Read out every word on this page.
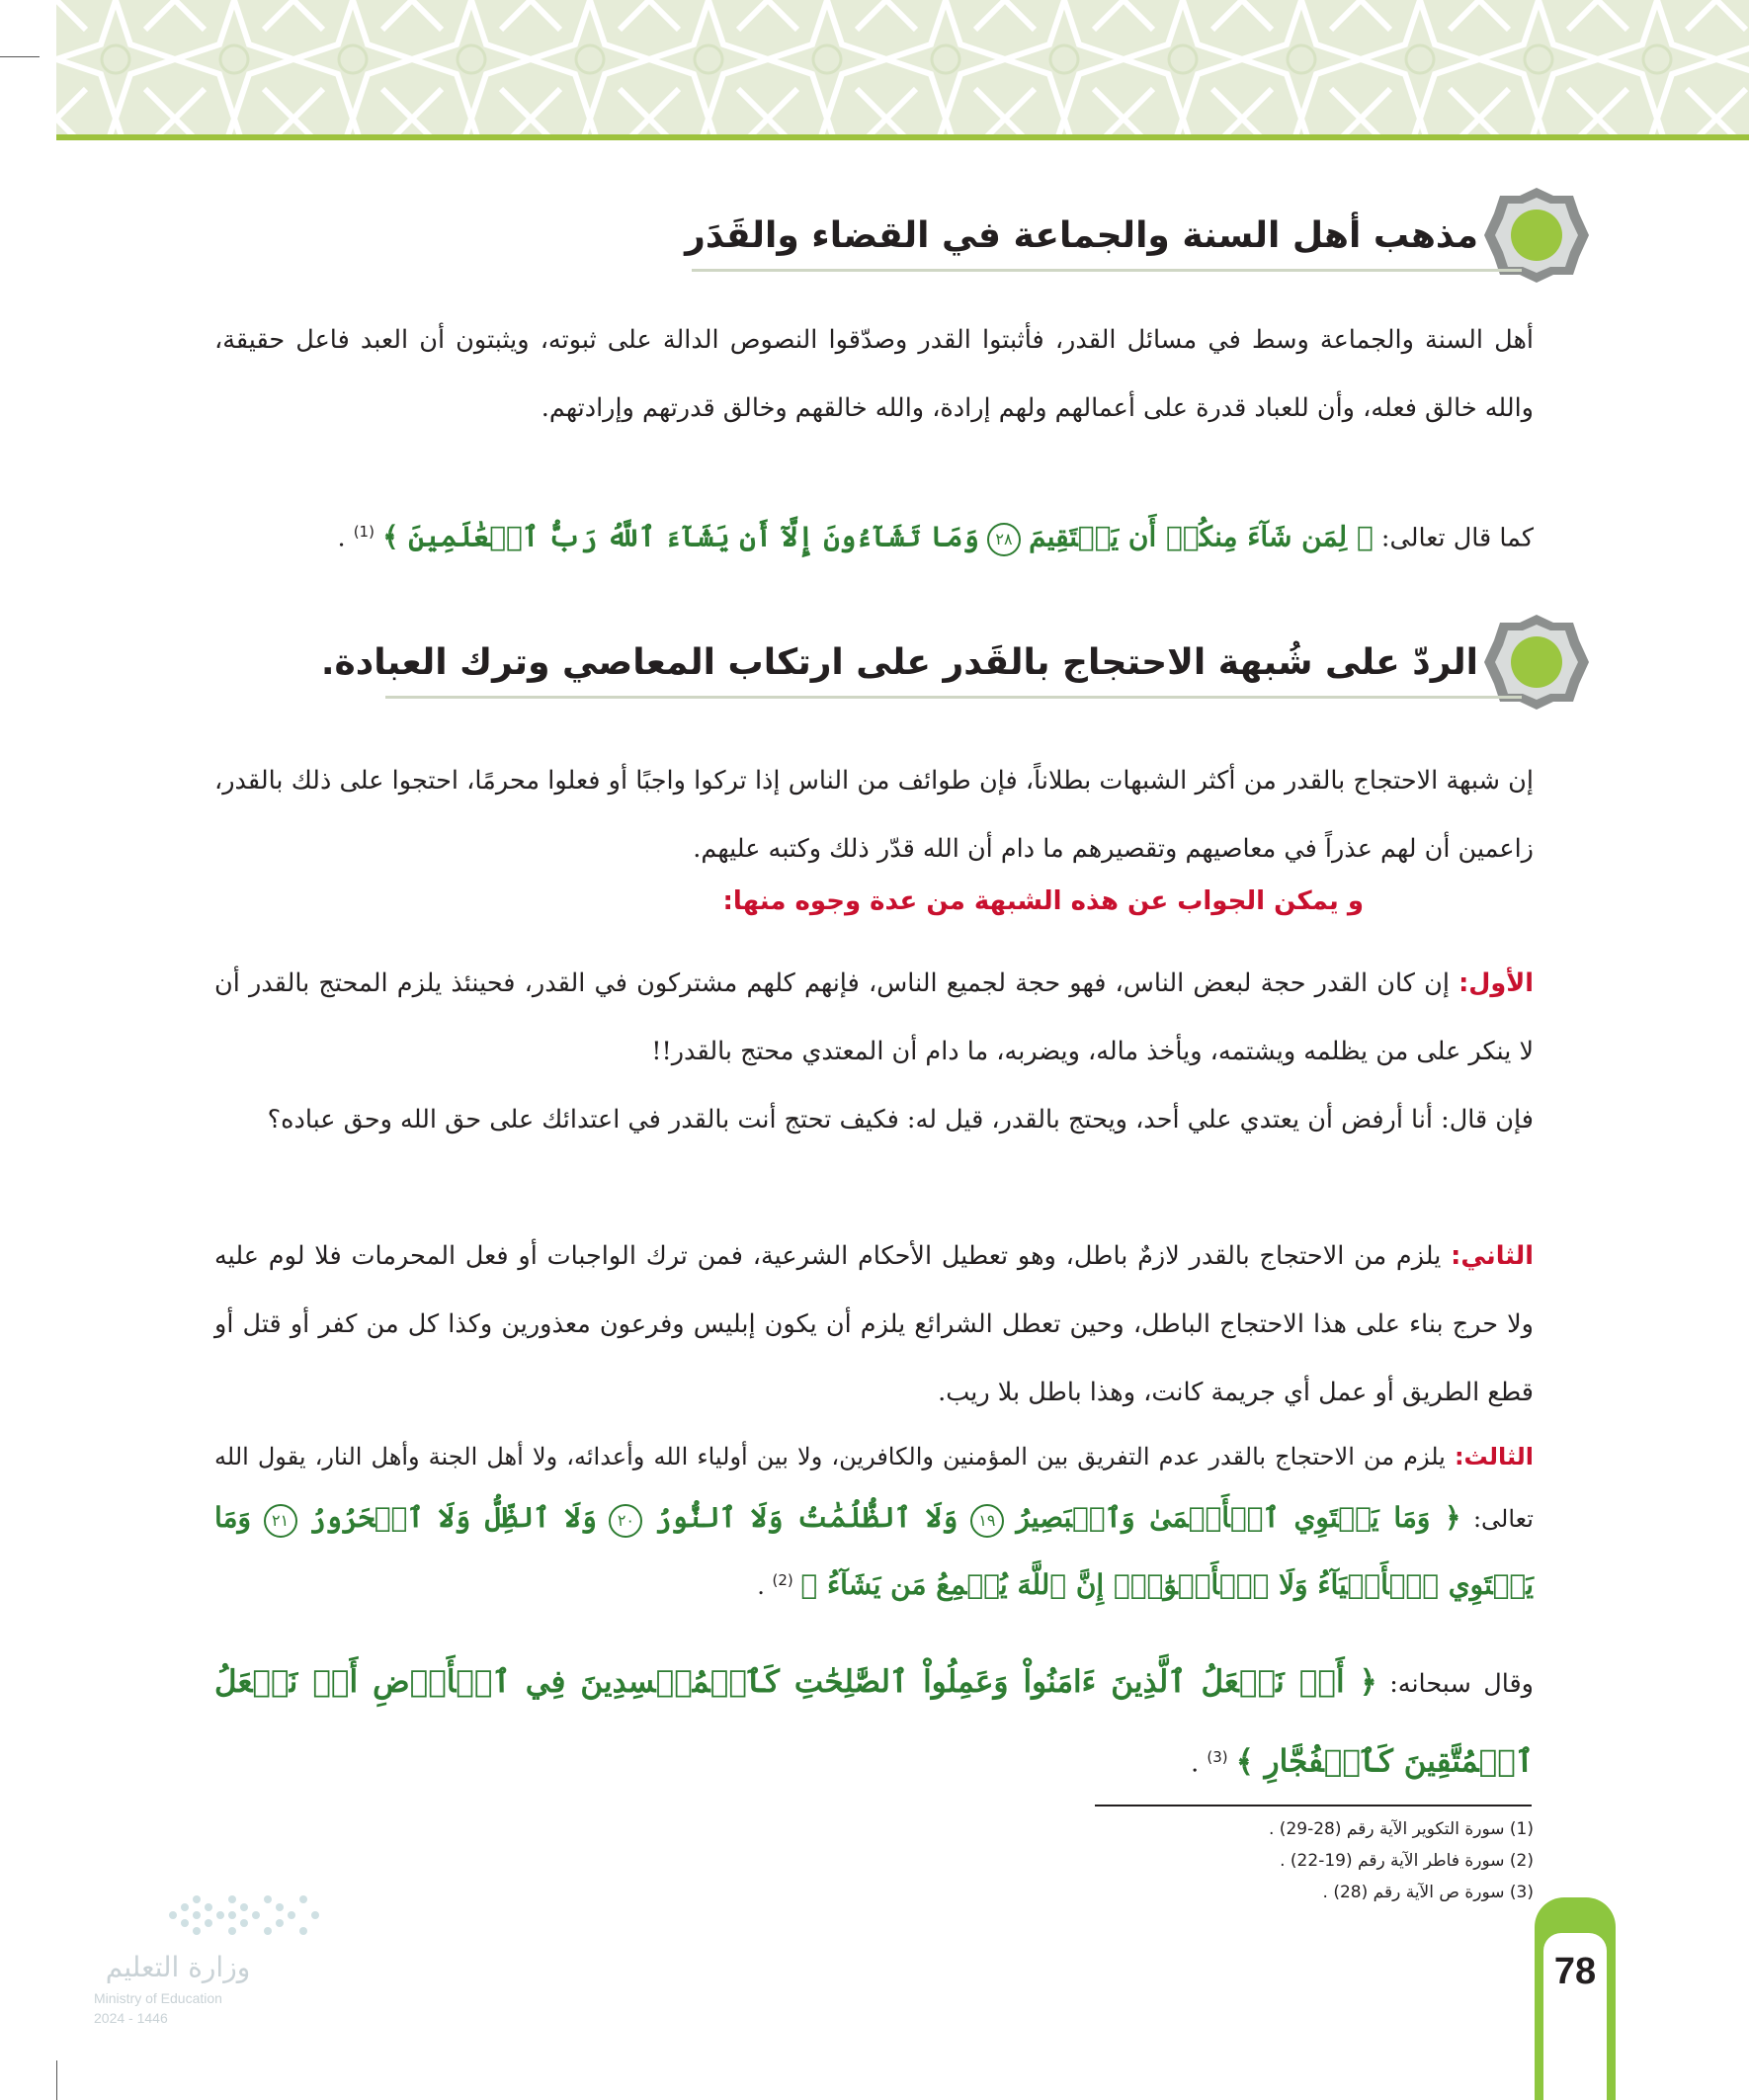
مذهب أهل السنة والجماعة في القضاء والقَدَر
أهل السنة والجماعة وسط في مسائل القدر، فأثبتوا القدر وصدّقوا النصوص الدالة على ثبوته، ويثبتون أن العبد فاعل حقيقة، والله خالق فعله، وأن للعباد قدرة على أعمالهم ولهم إرادة، والله خالقهم وخالق قدرتهم وإرادتهم.
كما قال تعالى: ﴿ لِمَن شَآءَ مِنكُمۡ أَن يَسۡتَقِيمَ ٢٨ وَمَا تَشَآءُونَ إِلَّآ أَن يَشَآءَ ٱللَّهُ رَبُّ ٱلۡعَٰلَمِينَ ﴾ $^{(1)}$ .
الردّ على شُبهة الاحتجاج بالقَدر على ارتكاب المعاصي وترك العبادة.
إن شبهة الاحتجاج بالقدر من أكثر الشبهات بطلاناً، فإن طوائف من الناس إذا تركوا واجبًا أو فعلوا محرمًا، احتجوا على ذلك بالقدر، زاعمين أن لهم عذراً في معاصيهم وتقصيرهم ما دام أن الله قدّر ذلك وكتبه عليهم.
و يمكن الجواب عن هذه الشبهة من عدة وجوه منها:
الأول: إن كان القدر حجة لبعض الناس، فهو حجة لجميع الناس، فإنهم كلهم مشتركون في القدر، فحينئذ يلزم المحتج بالقدر أن لا ينكر على من يظلمه ويشتمه، ويأخذ ماله، ويضربه، ما دام أن المعتدي محتج بالقدر!!
فإن قال: أنا أرفض أن يعتدي علي أحد، ويحتج بالقدر، قيل له: فكيف تحتج أنت بالقدر في اعتدائك على حق الله وحق عباده؟
الثاني: يلزم من الاحتجاج بالقدر لازمٌ باطل، وهو تعطيل الأحكام الشرعية، فمن ترك الواجبات أو فعل المحرمات فلا لوم عليه ولا حرج بناء على هذا الاحتجاج الباطل، وحين تعطل الشرائع يلزم أن يكون إبليس وفرعون معذورين وكذا كل من كفر أو قتل أو قطع الطريق أو عمل أي جريمة كانت، وهذا باطل بلا ريب.
الثالث: يلزم من الاحتجاج بالقدر عدم التفريق بين المؤمنين والكافرين، ولا بين أولياء الله وأعدائه، ولا أهل الجنة وأهل النار، يقول الله تعالى: ﴿ وَمَا يَسۡتَوِي ٱلۡأَعۡمَىٰ وَٱلۡبَصِيرُ ١٩ وَلَا ٱلظُّلُمَٰتُ وَلَا ٱلنُّورُ ٢٠ وَلَا ٱلظِّلُّ وَلَا ٱلۡحَرُورُ ٢١ وَمَا يَسۡتَوِي ٱلۡأَحۡيَآءُ وَلَا ٱلۡأَمۡوَٰتُۚ إِنَّ ٱللَّهَ يُسۡمِعُ مَن يَشَآءُ ﴾ $^{(2)}$ .
وقال سبحانه: ﴿ أَمۡ نَجۡعَلُ ٱلَّذِينَ ءَامَنُواْ وَعَمِلُواْ ٱلصَّٰلِحَٰتِ كَٱلۡمُفۡسِدِينَ فِي ٱلۡأَرۡضِ أَمۡ نَجۡعَلُ ٱلۡمُتَّقِينَ كَٱلۡفُجَّارِ ﴾ $^{(3)}$ .
(1) سورة التكوير الآية رقم (28-29) .
(2) سورة فاطر الآية رقم (19-22) .
(3) سورة ص الآية رقم (28) .
وزارة التعليم
Ministry of Education
2024 - 1446
78
